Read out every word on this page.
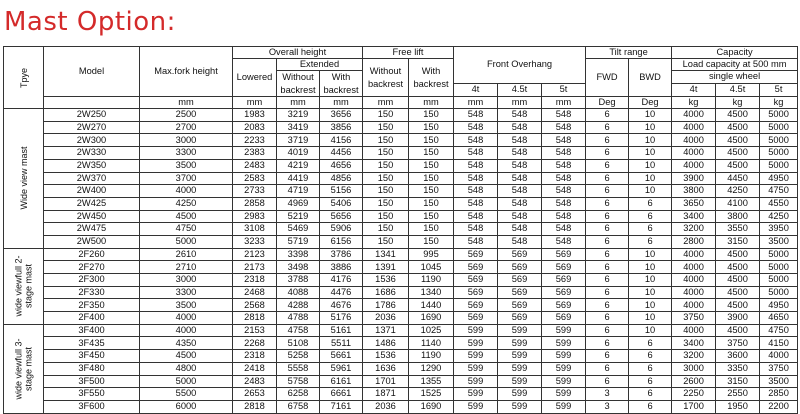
Mast Option:
Tpye	Model	Max.fork height	Overall height			Free lift		Front Overhang			Tilt range		Capacity		
			Lowered	Extended		Without backrest	With backrest				FWD	BWD	Load capacity at 500 mm		
				Without backrest	With backrest								single wheel		
								4t	4.5t	5t			4t	4.5t	5t
		mm	mm	mm	mm	mm	mm	mm	mm	mm	Deg	Deg	kg	kg	kg

Wide view mast	2W250	2500	1983	3219	3656	150	150	548	548	548	6	10	4000	4500	5000
	2W270	2700	2083	3419	3856	150	150	548	548	548	6	10	4000	4500	5000
	2W300	3000	2233	3719	4156	150	150	548	548	548	6	10	4000	4500	5000
	2W330	3300	2383	4019	4456	150	150	548	548	548	6	10	4000	4500	5000
	2W350	3500	2483	4219	4656	150	150	548	548	548	6	10	4000	4500	5000
	2W370	3700	2583	4419	4856	150	150	548	548	548	6	10	3900	4450	4950
	2W400	4000	2733	4719	5156	150	150	548	548	548	6	10	3800	4250	4750
	2W425	4250	2858	4969	5406	150	150	548	548	548	6	6	3650	4100	4550
	2W450	4500	2983	5219	5656	150	150	548	548	548	6	6	3400	3800	4250
	2W475	4750	3108	5469	5906	150	150	548	548	548	6	6	3200	3550	3950
	2W500	5000	3233	5719	6156	150	150	548	548	548	6	6	2800	3150	3500

wide viewfull 2-stage mast	2F260	2610	2123	3398	3786	1341	995	569	569	569	6	10	4000	4500	5000
	2F270	2710	2173	3498	3886	1391	1045	569	569	569	6	10	4000	4500	5000
	2F300	3000	2318	3788	4176	1536	1190	569	569	569	6	10	4000	4500	5000
	2F330	3300	2468	4088	4476	1686	1340	569	569	569	6	10	4000	4500	5000
	2F350	3500	2568	4288	4676	1786	1440	569	569	569	6	10	4000	4500	4950
	2F400	4000	2818	4788	5176	2036	1690	569	569	569	6	10	3750	3900	4650

wide viewfull 3-stage mast	3F400	4000	2153	4758	5161	1371	1025	599	599	599	6	10	4000	4500	4750
	3F435	4350	2268	5108	5511	1486	1140	599	599	599	6	6	3400	3750	4150
	3F450	4500	2318	5258	5661	1536	1190	599	599	599	6	6	3200	3600	4000
	3F480	4800	2418	5558	5961	1636	1290	599	599	599	6	6	3000	3350	3750
	3F500	5000	2483	5758	6161	1701	1355	599	599	599	6	6	2600	3150	3500
	3F550	5500	2653	6258	6661	1871	1525	599	599	599	3	6	2250	2550	2850
	3F600	6000	2818	6758	7161	2036	1690	599	599	599	3	6	1700	1950	2200
